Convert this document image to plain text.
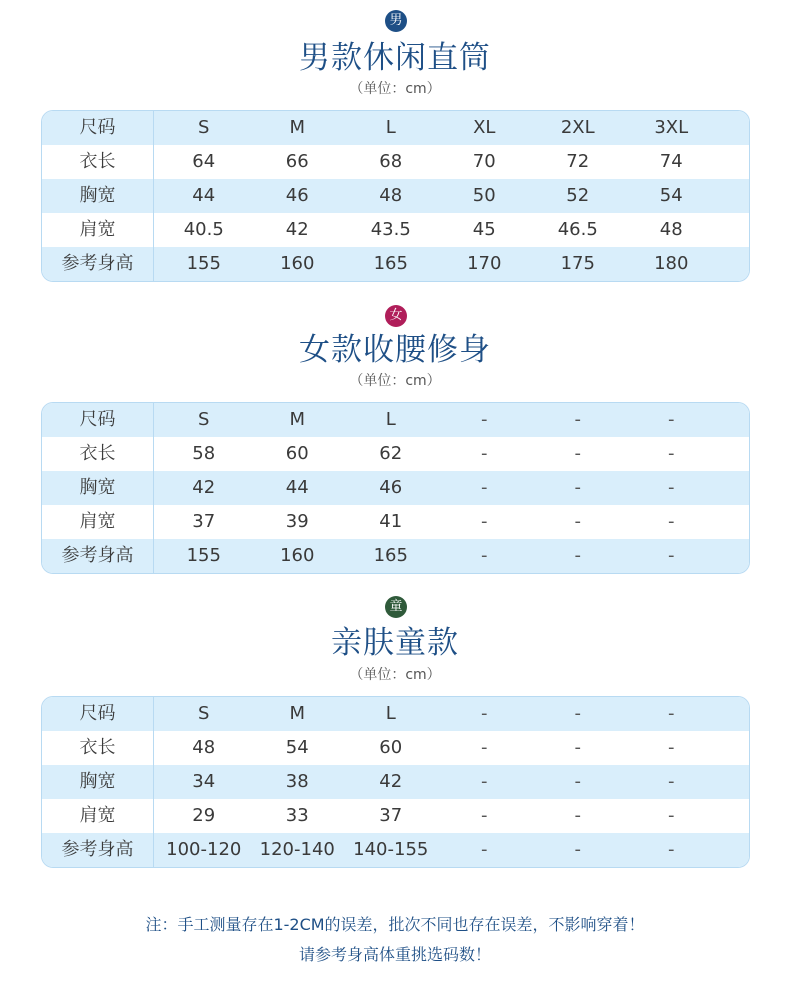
男
男款休闲直筒
（单位：cm）
尺码	S	M	L	XL	2XL	3XL
衣长	64	66	68	70	72	74
胸宽	44	46	48	50	52	54
肩宽	40.5	42	43.5	45	46.5	48
参考身高	155	160	165	170	175	180
女
女款收腰修身
（单位：cm）
尺码	S	M	L	-	-	-
衣长	58	60	62	-	-	-
胸宽	42	44	46	-	-	-
肩宽	37	39	41	-	-	-
参考身高	155	160	165	-	-	-
童
亲肤童款
（单位：cm）
尺码	S	M	L	-	-	-
衣长	48	54	60	-	-	-
胸宽	34	38	42	-	-	-
肩宽	29	33	37	-	-	-
参考身高	100-120	120-140	140-155	-	-	-
注：手工测量存在1-2CM的误差，批次不同也存在误差，不影响穿着！
请参考身高体重挑选码数！
